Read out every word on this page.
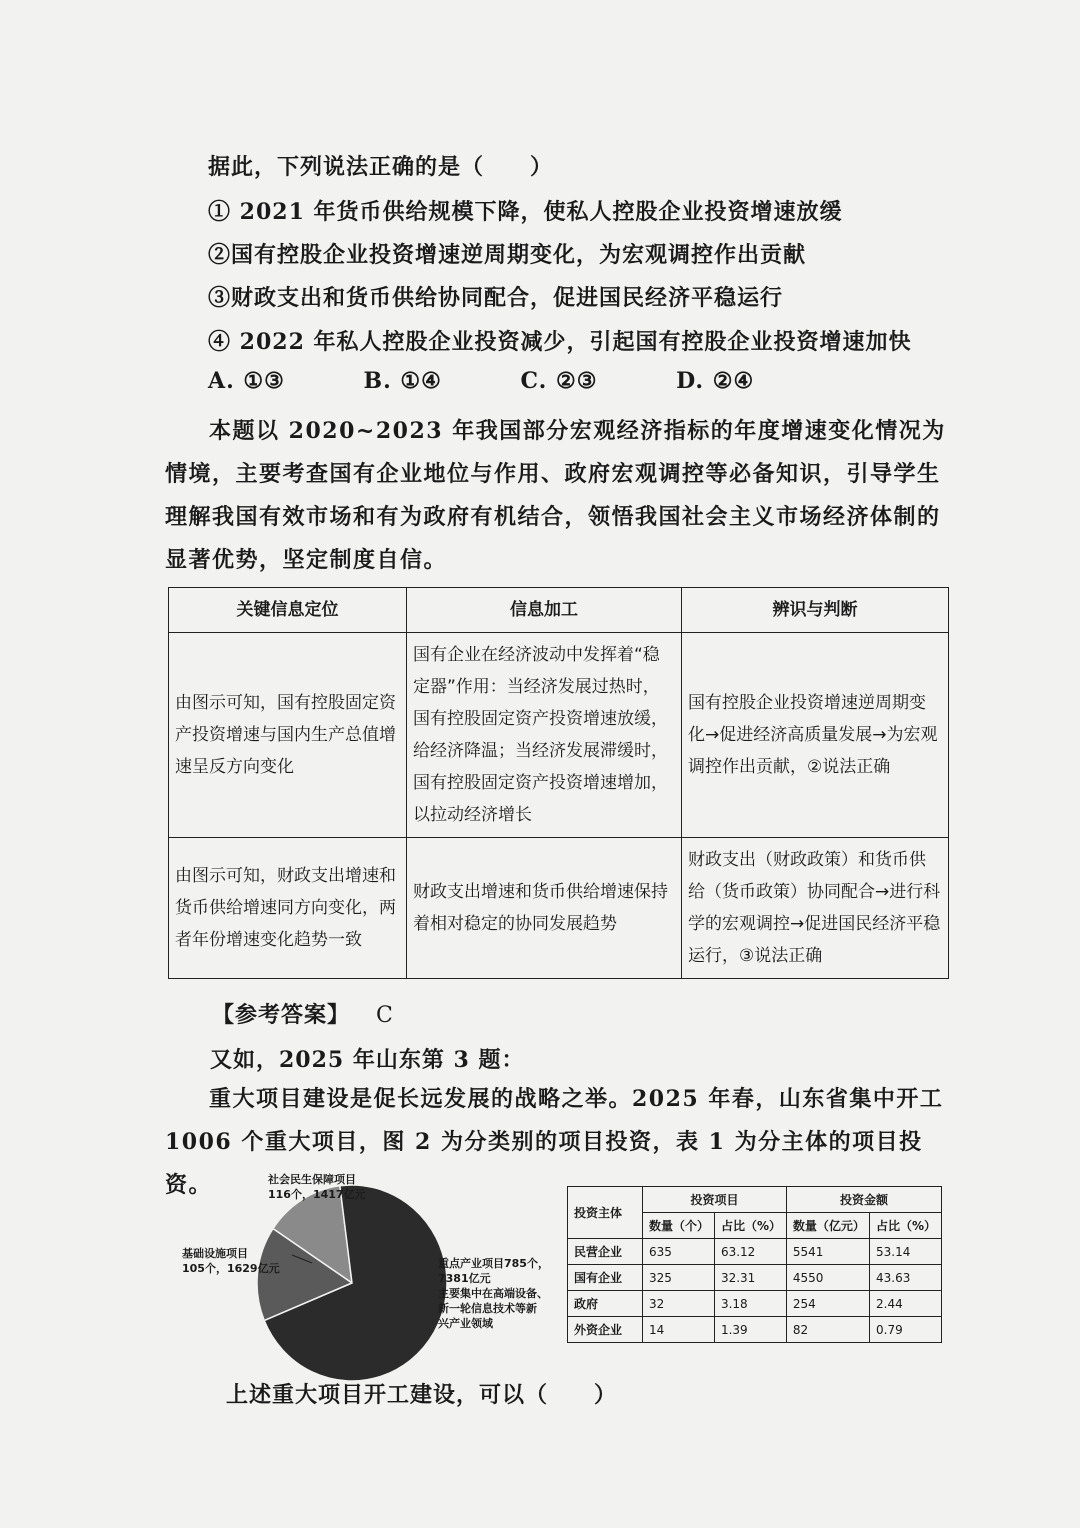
据此，下列说法正确的是（　　）
① 2021 年货币供给规模下降，使私人控股企业投资增速放缓
②国有控股企业投资增速逆周期变化，为宏观调控作出贡献
③财政支出和货币供给协同配合，促进国民经济平稳运行
④ 2022 年私人控股企业投资减少，引起国有控股企业投资增速加快
A. ①③	B. ①④	C. ②③	D. ②④
本题以 2020~2023 年我国部分宏观经济指标的年度增速变化情况为情境，主要考查国有企业地位与作用、政府宏观调控等必备知识，引导学生理解我国有效市场和有为政府有机结合，领悟我国社会主义市场经济体制的显著优势，坚定制度自信。
关键信息定位	信息加工	辨识与判断
由图示可知，国有控股固定资产投资增速与国内生产总值增速呈反方向变化	国有企业在经济波动中发挥着“稳定器”作用：当经济发展过热时，国有控股固定资产投资增速放缓，给经济降温；当经济发展滞缓时，国有控股固定资产投资增速增加，以拉动经济增长	国有控股企业投资增速逆周期变化→促进经济高质量发展→为宏观调控作出贡献，②说法正确
由图示可知，财政支出增速和货币供给增速同方向变化，两者年份增速变化趋势一致	财政支出增速和货币供给增速保持着相对稳定的协同发展趋势	财政支出（财政政策）和货币供给（货币政策）协同配合→进行科学的宏观调控→促进国民经济平稳运行，③说法正确
【参考答案】 C
又如，2025 年山东第 3 题：
重大项目建设是促长远发展的战略之举。2025 年春，山东省集中开工 1006 个重大项目，图 2 为分类别的项目投资，表 1 为分主体的项目投资。	社会民生保障项目
116个，1417亿元
基础设施项目
105个，1629亿元	重点产业项目785个，
7381亿元
主要集中在高端设备、
新一轮信息技术等新
兴产业领域
投资主体	投资项目		投资金额	
	数量（个）	占比（%）	数量（亿元）	占比（%）
民营企业	635	63.12	5541	53.14
国有企业	325	32.31	4550	43.63
政府	32	3.18	254	2.44
外资企业	14	1.39	82	0.79
上述重大项目开工建设，可以（　　）
